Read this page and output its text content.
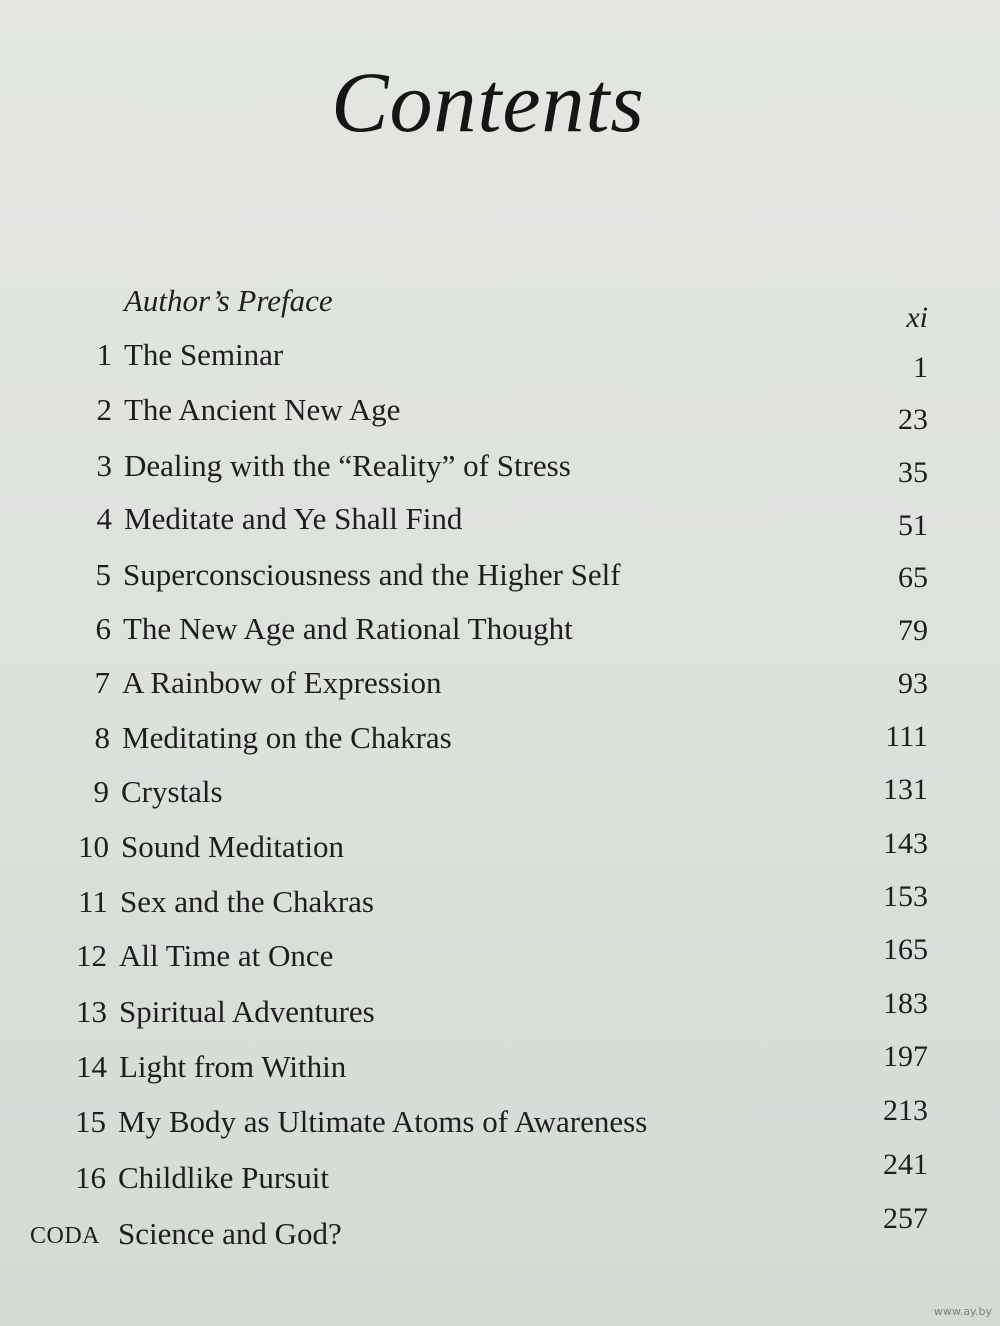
Contents
Author’s Preface	xi
1 The Seminar	1
2 The Ancient New Age	23
3 Dealing with the “Reality” of Stress	35
4 Meditate and Ye Shall Find	51
5 Superconsciousness and the Higher Self	65
6 The New Age and Rational Thought	79
7 A Rainbow of Expression	93
8 Meditating on the Chakras	111
9 Crystals	131
10 Sound Meditation	143
11 Sex and the Chakras	153
12 All Time at Once	165
13 Spiritual Adventures	183
14 Light from Within	197
15 My Body as Ultimate Atoms of Awareness	213
16 Childlike Pursuit	241
CODA Science and God?	257
www.ay.by
